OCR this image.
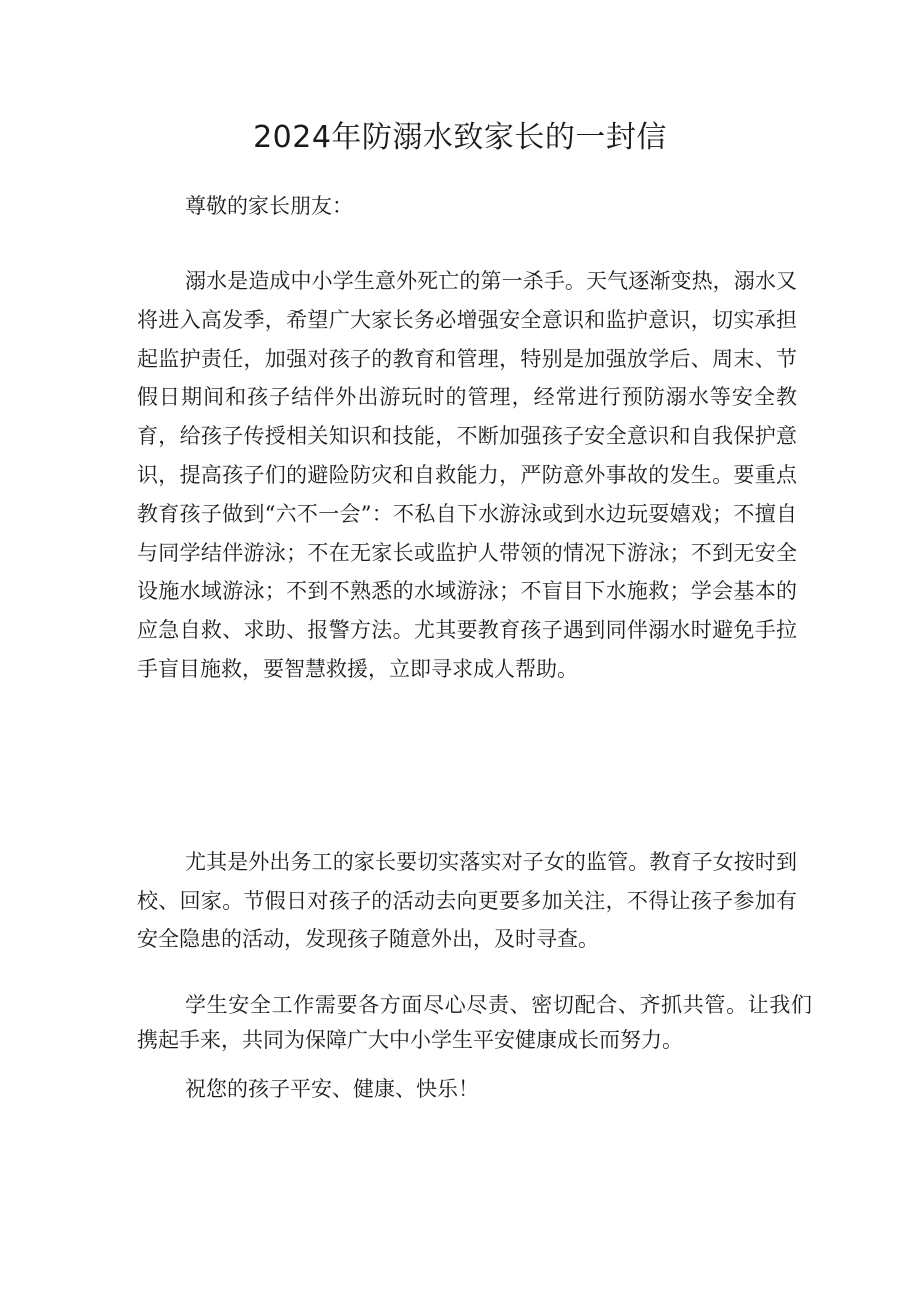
2024年防溺水致家长的一封信

尊敬的家长朋友：

溺水是造成中小学生意外死亡的第一杀手。天气逐渐变热，溺水又将进入高发季，希望广大家长务必增强安全意识和监护意识，切实承担起监护责任，加强对孩子的教育和管理，特别是加强放学后、周末、节假日期间和孩子结伴外出游玩时的管理，经常进行预防溺水等安全教育，给孩子传授相关知识和技能，不断加强孩子安全意识和自我保护意识，提高孩子们的避险防灾和自救能力，严防意外事故的发生。要重点教育孩子做到“六不一会”：不私自下水游泳或到水边玩耍嬉戏；不擅自与同学结伴游泳；不在无家长或监护人带领的情况下游泳；不到无安全设施水域游泳；不到不熟悉的水域游泳；不盲目下水施救；学会基本的应急自救、求助、报警方法。尤其要教育孩子遇到同伴溺水时避免手拉手盲目施救，要智慧救援，立即寻求成人帮助。

尤其是外出务工的家长要切实落实对子女的监管。教育子女按时到校、回家。节假日对孩子的活动去向更要多加关注，不得让孩子参加有安全隐患的活动，发现孩子随意外出，及时寻查。

学生安全工作需要各方面尽心尽责、密切配合、齐抓共管。让我们携起手来，共同为保障广大中小学生平安健康成长而努力。

祝您的孩子平安、健康、快乐！
